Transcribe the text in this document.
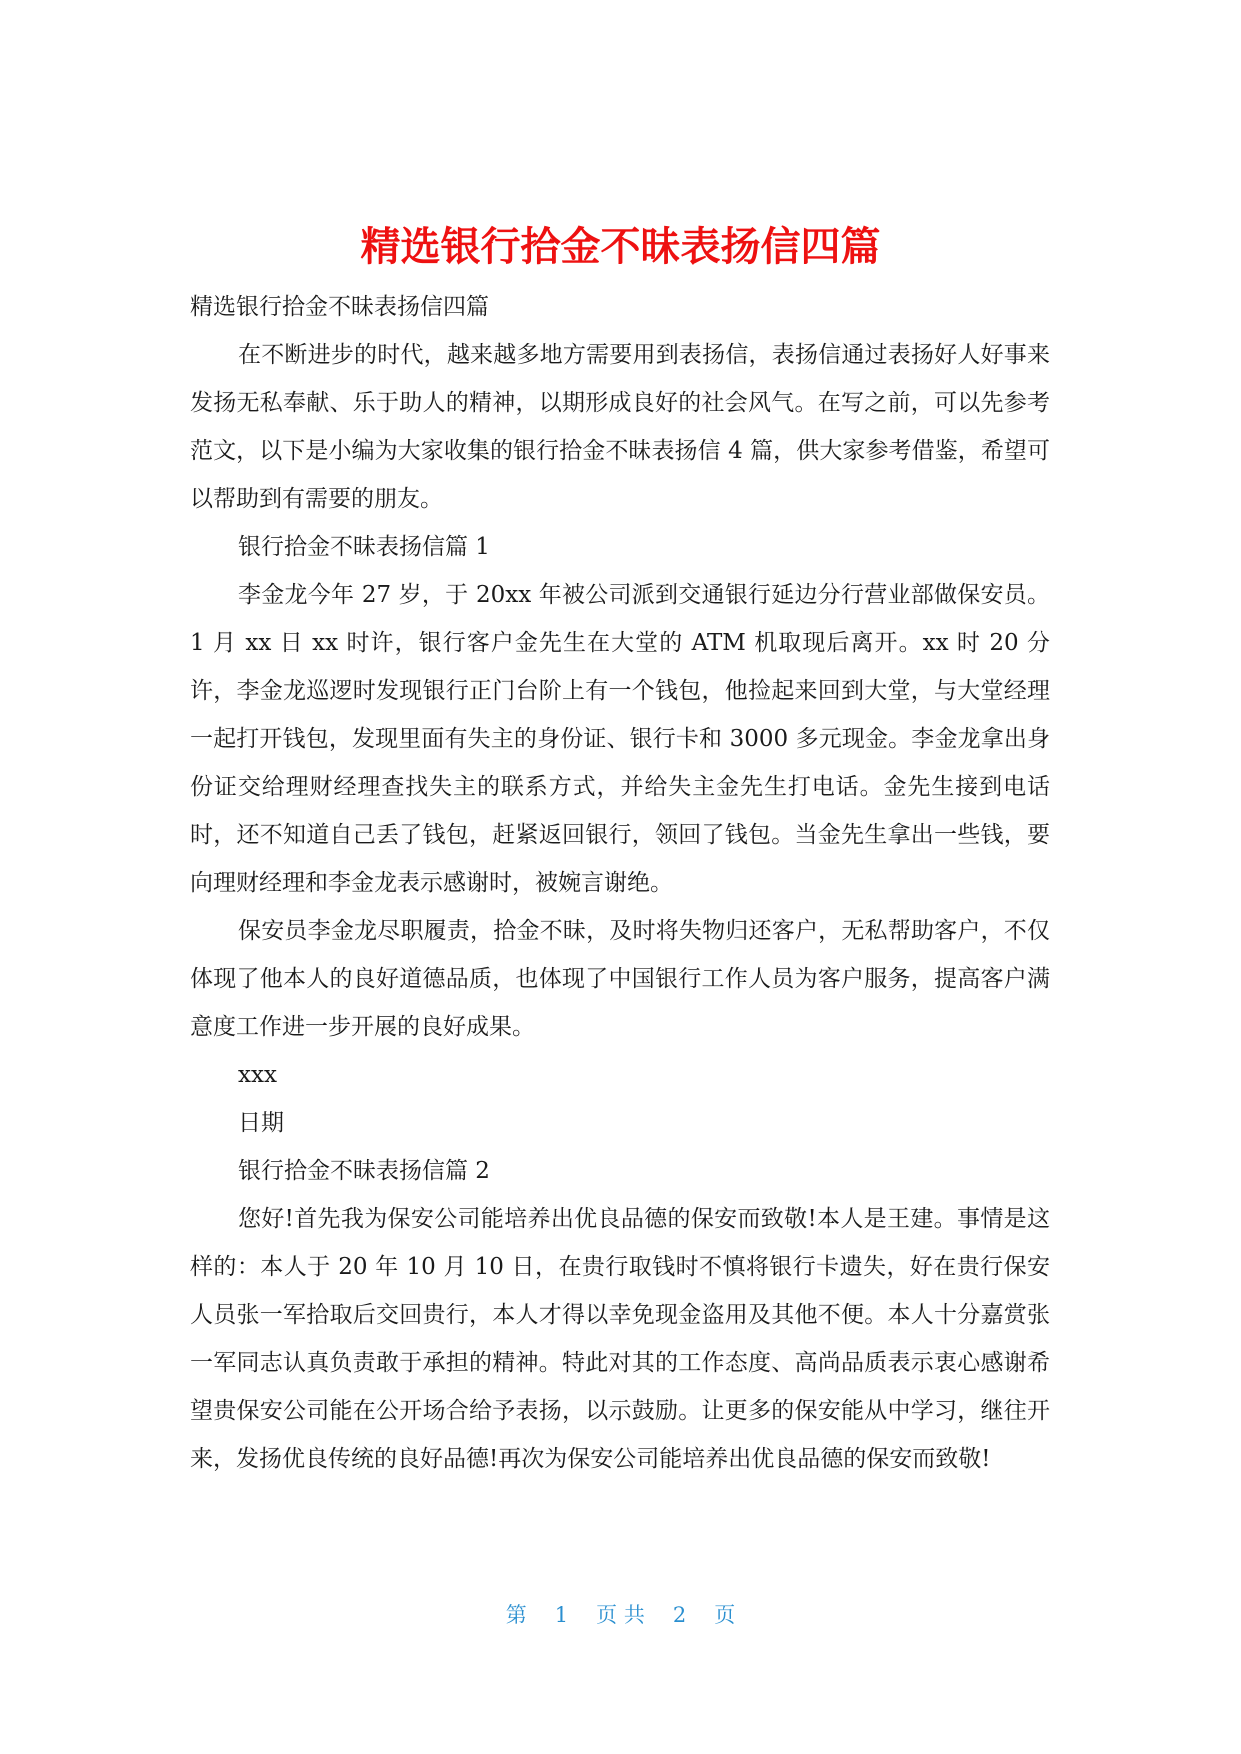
精选银行拾金不昧表扬信四篇

精选银行拾金不昧表扬信四篇

在不断进步的时代，越来越多地方需要用到表扬信，表扬信通过表扬好人好事来发扬无私奉献、乐于助人的精神，以期形成良好的社会风气。在写之前，可以先参考范文，以下是小编为大家收集的银行拾金不昧表扬信 4 篇，供大家参考借鉴，希望可以帮助到有需要的朋友。

银行拾金不昧表扬信篇 1

李金龙今年 27 岁，于 20xx 年被公司派到交通银行延边分行营业部做保安员。1 月 xx 日 xx 时许，银行客户金先生在大堂的 ATM 机取现后离开。xx 时 20 分许，李金龙巡逻时发现银行正门台阶上有一个钱包，他捡起来回到大堂，与大堂经理一起打开钱包，发现里面有失主的身份证、银行卡和 3000 多元现金。李金龙拿出身份证交给理财经理查找失主的联系方式，并给失主金先生打电话。金先生接到电话时，还不知道自己丢了钱包，赶紧返回银行，领回了钱包。当金先生拿出一些钱，要向理财经理和李金龙表示感谢时，被婉言谢绝。

保安员李金龙尽职履责，拾金不昧，及时将失物归还客户，无私帮助客户，不仅体现了他本人的良好道德品质，也体现了中国银行工作人员为客户服务，提高客户满意度工作进一步开展的良好成果。

xxx

日期

银行拾金不昧表扬信篇 2

您好!首先我为保安公司能培养出优良品德的保安而致敬!本人是王建。事情是这样的：本人于 20 年 10 月 10 日，在贵行取钱时不慎将银行卡遗失，好在贵行保安人员张一军拾取后交回贵行，本人才得以幸免现金盗用及其他不便。本人十分嘉赏张一军同志认真负责敢于承担的精神。特此对其的工作态度、高尚品质表示衷心感谢希望贵保安公司能在公开场合给予表扬，以示鼓励。让更多的保安能从中学习，继往开来，发扬优良传统的良好品德!再次为保安公司能培养出优良品德的保安而致敬!

第 1 页 共 2 页
